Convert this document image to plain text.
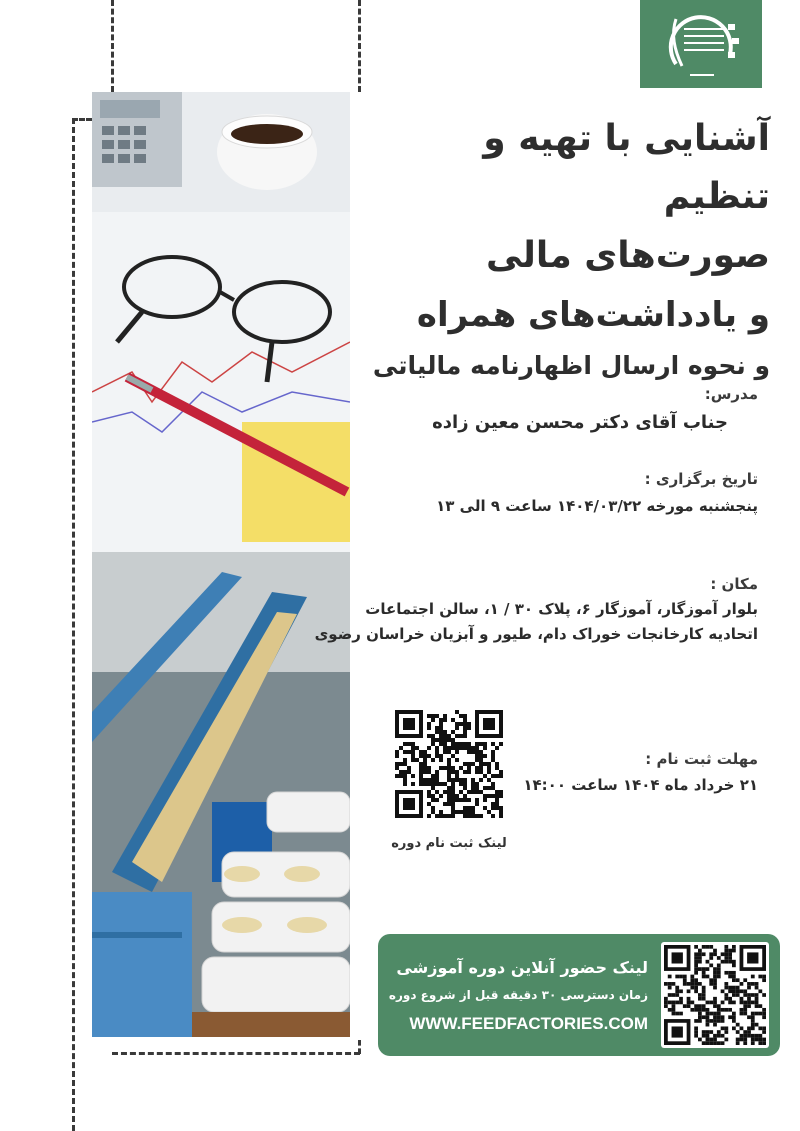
آشنایی با تهیه و تنظیم
صورت‌های مالی
و یادداشت‌های همراه
و نحوه ارسال اظهارنامه مالیاتی
مدرس:
جناب آقای دکتر محسن معین زاده
تاریخ برگزاری :
پنجشنبه مورخه ۱۴۰۴/۰۳/۲۲ ساعت ۹ الی ۱۳
مکان :
بلوار آموزگار، آموزگار ۶، پلاک ۳۰ / ۱، سالن اجتماعات
اتحادیه کارخانجات خوراک دام، طیور و آبزیان خراسان رضوی
مهلت ثبت نام :
۲۱ خرداد ماه ۱۴۰۴ ساعت ۱۴:۰۰
لینک ثبت نام دوره
لینک حضور آنلاین دوره آموزشی
زمان دسترسی ۳۰ دقیقه قبل از شروع دوره
WWW.FEEDFACTORIES.COM
